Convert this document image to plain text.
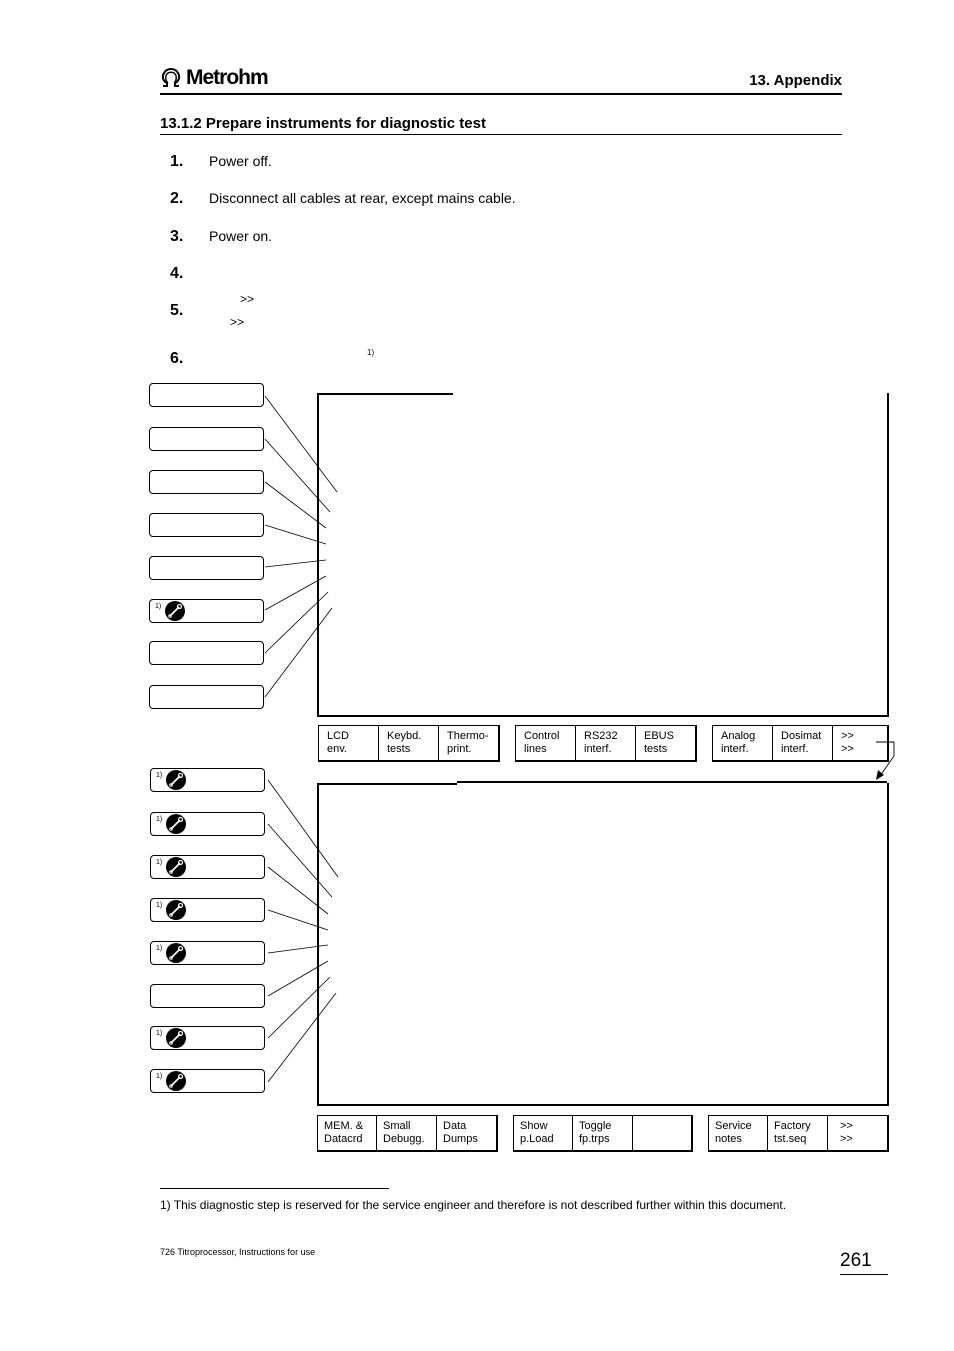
Metrohm	13. Appendix
13.1.2 Prepare instruments for diagnostic test
1.	Power off.
2.	Disconnect all cables at rear, except mains cable.
3.	Power on.
4.
5.
>>
>>
6.	1)
1)
LCD
env.
Keybd.
tests
Thermo-
print.
Control
lines
RS232
interf.
EBUS
tests
Analog
interf.
Dosimat
interf.
>>
>>
1)
1)
1)
1)
1)
1)
1)
MEM. &
Datacrd
Small
Debugg.
Data
Dumps
Show
p.Load
Toggle
fp.trps
Service
notes
Factory
tst.seq
>>
>>
1) This diagnostic step is reserved for the service engineer and therefore is not described further within this document.
726 Titroprocessor, Instructions for use	261
